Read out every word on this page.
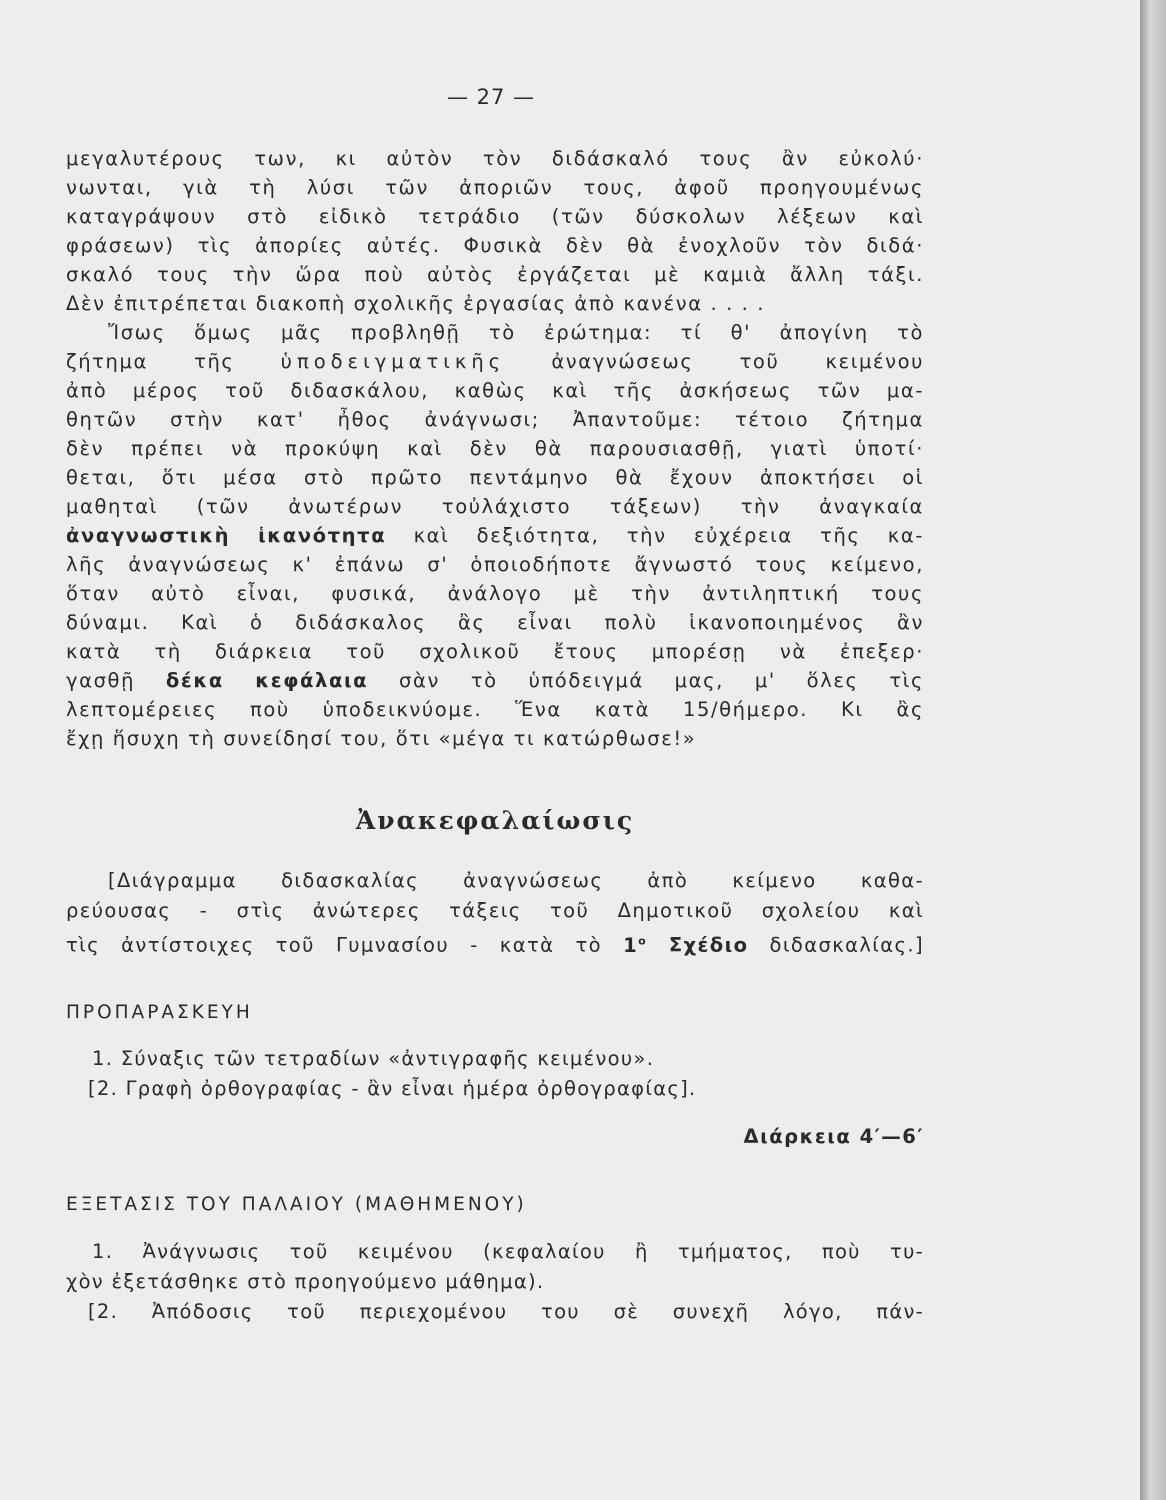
— 27 —
μεγαλυτέρους των, κι αὐτὸν τὸν διδάσκαλό τους ἂν εὐκολύ·
νωνται, γιὰ τὴ λύσι τῶν ἀποριῶν τους, ἀφοῦ προηγουμένως
καταγράψουν στὸ εἰδικὸ τετράδιο (τῶν δύσκολων λέξεων καὶ
φράσεων) τὶς ἀπορίες αὐτές. Φυσικὰ δὲν θὰ ἐνοχλοῦν τὸν διδά·
σκαλό τους τὴν ὥρα ποὺ αὐτὸς ἐργάζεται μὲ καμιὰ ἄλλη τάξι.
Δὲν ἐπιτρέπεται διακοπὴ σχολικῆς ἐργασίας ἀπὸ κανένα . . . .
Ἴσως ὅμως μᾶς προβληθῇ τὸ ἐρώτημα: τί θ' ἀπογίνη τὸ
ζήτημα τῆς ὑποδειγματικῆς ἀναγνώσεως τοῦ κειμένου
ἀπὸ μέρος τοῦ διδασκάλου, καθὼς καὶ τῆς ἀσκήσεως τῶν μα-
θητῶν στὴν κατ' ἦθος ἀνάγνωσι; Ἀπαντοῦμε: τέτοιο ζήτημα
δὲν πρέπει νὰ προκύψη καὶ δὲν θὰ παρουσιασθῇ, γιατὶ ὑποτί·
θεται, ὅτι μέσα στὸ πρῶτο πεντάμηνο θὰ ἔχουν ἀποκτήσει οἱ
μαθηταὶ (τῶν ἀνωτέρων τοὐλάχιστο τάξεων) τὴν ἀναγκαία
ἀναγνωστικὴ ἱκανότητα καὶ δεξιότητα, τὴν εὐχέρεια τῆς κα-
λῆς ἀναγνώσεως κ' ἐπάνω σ' ὁποιοδήποτε ἄγνωστό τους κείμενο,
ὅταν αὐτὸ εἶναι, φυσικά, ἀνάλογο μὲ τὴν ἀντιληπτική τους
δύναμι. Καὶ ὁ διδάσκαλος ἂς εἶναι πολὺ ἱκανοποιημένος ἂν
κατὰ τὴ διάρκεια τοῦ σχολικοῦ ἔτους μπορέσῃ νὰ ἐπεξερ·
γασθῇ δέκα κεφάλαια σὰν τὸ ὑπόδειγμά μας, μ' ὅλες τὶς
λεπτομέρειες ποὺ ὑποδεικνύομε. Ἕνα κατὰ 15/θήμερο. Κι ἂς
ἔχῃ ἥσυχη τὴ συνείδησί του, ὅτι «μέγα τι κατώρθωσε!»
Ἀνακεφαλαίωσις
[Διάγραμμα διδασκαλίας ἀναγνώσεως ἀπὸ κείμενο καθα-
ρεύουσας - στὶς ἀνώτερες τάξεις τοῦ Δημοτικοῦ σχολείου καὶ
τὶς ἀντίστοιχες τοῦ Γυμνασίου - κατὰ τὸ $1^o$ Σχέδιο διδασκαλίας.]
ΠΡΟΠΑΡΑΣΚΕΥΗ
1. Σύναξις τῶν τετραδίων «ἀντιγραφῆς κειμένου».
[2. Γραφὴ ὀρθογραφίας - ἂν εἶναι ἡμέρα ὀρθογραφίας].
Διάρκεια 4′—6′
ΕΞΕΤΑΣΙΣ ΤΟΥ ΠΑΛΑΙΟΥ (ΜΑΘΗΜΕΝΟΥ)
1. Ἀνάγνωσις τοῦ κειμένου (κεφαλαίου ἢ τμήματος, ποὺ τυ-
χὸν ἐξετάσθηκε στὸ προηγούμενο μάθημα).
[2. Ἀπόδοσις τοῦ περιεχομένου του σὲ συνεχῆ λόγο, πάν-
